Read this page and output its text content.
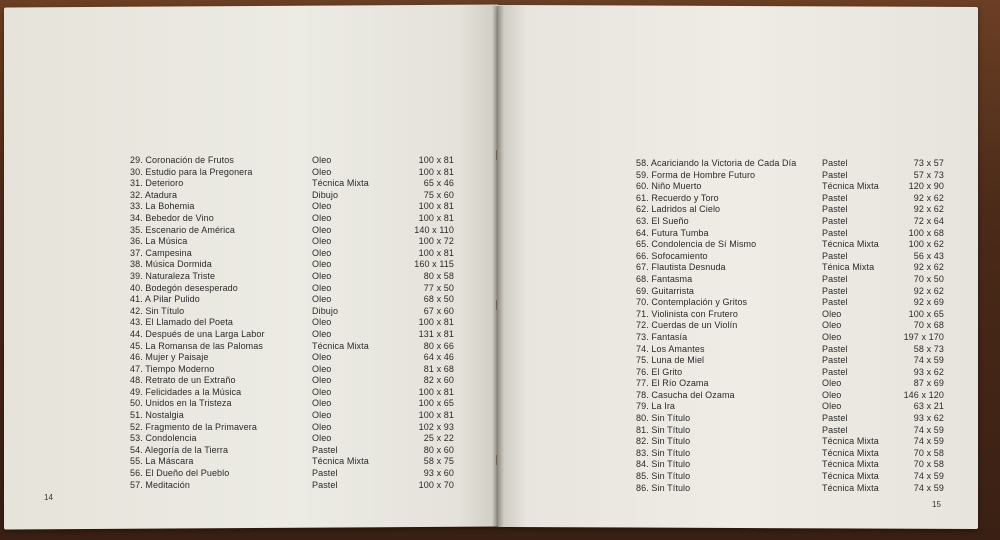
29. Coronación de Frutos	Oleo	100 x 81
30. Estudio para la Pregonera	Oleo	100 x 81
31. Deterioro	Técnica Mixta	65 x 46
32. Atadura	Dibujo	75 x 60
33. La Bohemia	Oleo	100 x 81
34. Bebedor de Vino	Oleo	100 x 81
35. Escenario de América	Oleo	140 x 110
36. La Música	Oleo	100 x 72
37. Campesina	Oleo	100 x 81
38. Música Dormida	Oleo	160 x 115
39. Naturaleza Triste	Oleo	80 x 58
40. Bodegón desesperado	Oleo	77 x 50
41. A Pilar Pulido	Oleo	68 x 50
42. Sin Título	Dibujo	67 x 60
43. El Llamado del Poeta	Oleo	100 x 81
44. Después de una Larga Labor	Oleo	131 x 81
45. La Romansa de las Palomas	Técnica Mixta	80 x 66
46. Mujer y Paisaje	Oleo	64 x 46
47. Tiempo Moderno	Oleo	81 x 68
48. Retrato de un Extraño	Oleo	82 x 60
49. Felicidades a la Música	Oleo	100 x 81
50. Unidos en la Tristeza	Oleo	100 x 65
51. Nostalgia	Oleo	100 x 81
52. Fragmento de la Primavera	Oleo	102 x 93
53. Condolencia	Oleo	25 x 22
54. Alegoría de la Tierra	Pastel	80 x 60
55. La Máscara	Técnica Mixta	58 x 75
56. El Dueño del Pueblo	Pastel	93 x 60
57. Meditación	Pastel	100 x 70
58. Acariciando la Victoria de Cada Día	Pastel	73 x 57
59. Forma de Hombre Futuro	Pastel	57 x 73
60. Niño Muerto	Técnica Mixta	120 x 90
61. Recuerdo y Toro	Pastel	92 x 62
62. Ladridos al Cielo	Pastel	92 x 62
63. El Sueño	Pastel	72 x 64
64. Futura Tumba	Pastel	100 x 68
65. Condolencia de Sí Mismo	Técnica Mixta	100 x 62
66. Sofocamiento	Pastel	56 x 43
67. Flautista Desnuda	Ténica Mixta	92 x 62
68. Fantasma	Pastel	70 x 50
69. Guitarrista	Pastel	92 x 62
70. Contemplación y Gritos	Pastel	92 x 69
71. Violinista con Frutero	Oleo	100 x 65
72. Cuerdas de un Violín	Oleo	70 x 68
73. Fantasía	Oleo	197 x 170
74. Los Amantes	Pastel	58 x 73
75. Luna de Miel	Pastel	74 x 59
76. El Grito	Pastel	93 x 62
77. El Río Ozama	Oleo	87 x 69
78. Casucha del Ozama	Oleo	146 x 120
79. La Ira	Oleo	63 x 21
80. Sin Título	Pastel	93 x 62
81. Sin Título	Pastel	74 x 59
82. Sin Título	Técnica Mixta	74 x 59
83. Sin Título	Técnica Mixta	70 x 58
84. Sin Título	Técnica Mixta	70 x 58
85. Sin Título	Técnica Mixta	74 x 59
86. Sin Título	Técnica Mixta	74 x 59
14
15
